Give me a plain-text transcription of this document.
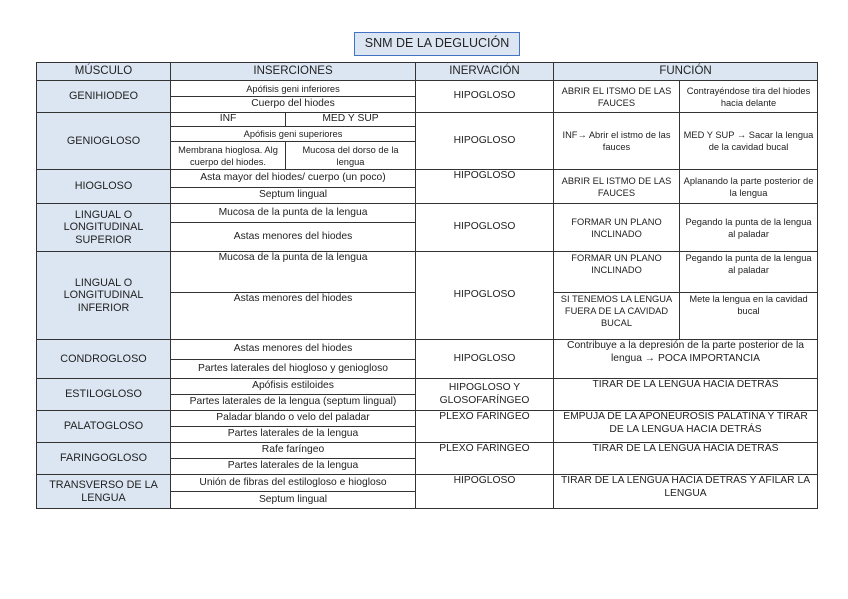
SNM DE LA DEGLUCIÓN
MÚSCULO	INSERCIONES		INERVACIÓN	FUNCIÓN	
GENIHIODEO	Apófisis geni inferiores		HIPOGLOSO	ABRIR EL ITSMO DE LAS FAUCES	Contrayéndose tira del hiodes hacia delante
	Cuerpo del hiodes				
GENIOGLOSO	INF	MED Y SUP	HIPOGLOSO	INF→ Abrir el istmo de las fauces	MED Y SUP → Sacar la lengua de la cavidad bucal
	Apófisis geni superiores				
	Membrana hioglosa. Alg cuerpo del hiodes.	Mucosa del dorso de la lengua			
HIOGLOSO	Asta mayor del hiodes/ cuerpo (un poco)		HIPOGLOSO	ABRIR EL ISTMO DE LAS FAUCES	Aplanando la parte posterior de la lengua
	Septum lingual				
LINGUAL O LONGITUDINAL SUPERIOR	Mucosa de la punta de la lengua		HIPOGLOSO	FORMAR UN PLANO INCLINADO	Pegando la punta de la lengua al paladar
	Astas menores del hiodes				
LINGUAL O LONGITUDINAL INFERIOR	Mucosa de la punta de la lengua		HIPOGLOSO	FORMAR UN PLANO INCLINADO	Pegando la punta de la lengua al paladar
	Astas menores del hiodes			SI TENEMOS LA LENGUA FUERA DE LA CAVIDAD BUCAL	Mete la lengua en la cavidad bucal
CONDROGLOSO	Astas menores del hiodes		HIPOGLOSO	Contribuye a la depresión de la parte posterior de la lengua → POCA IMPORTANCIA	
	Partes laterales del hiogloso y geniogloso				
ESTILOGLOSO	Apófisis estiloides		HIPOGLOSO Y GLOSOFARÍNGEO	TIRAR DE LA LENGUA HACIA DETRÁS	
	Partes laterales de la lengua (septum lingual)				
PALATOGLOSO	Paladar blando o velo del paladar		PLEXO FARÍNGEO	EMPUJA DE LA APONEUROSIS PALATINA Y TIRAR DE LA LENGUA HACIA DETRÁS	
	Partes laterales de la lengua				
FARINGOGLOSO	Rafe faríngeo		PLEXO FARÍNGEO	TIRAR DE LA LENGUA HACIA DETRÁS	
	Partes laterales de la lengua				
TRANSVERSO DE LA LENGUA	Unión de fibras del estilogloso e hiogloso		HIPOGLOSO	TIRAR DE LA LENGUA HACIA DETRÁS Y AFILAR LA LENGUA	
	Septum lingual				
